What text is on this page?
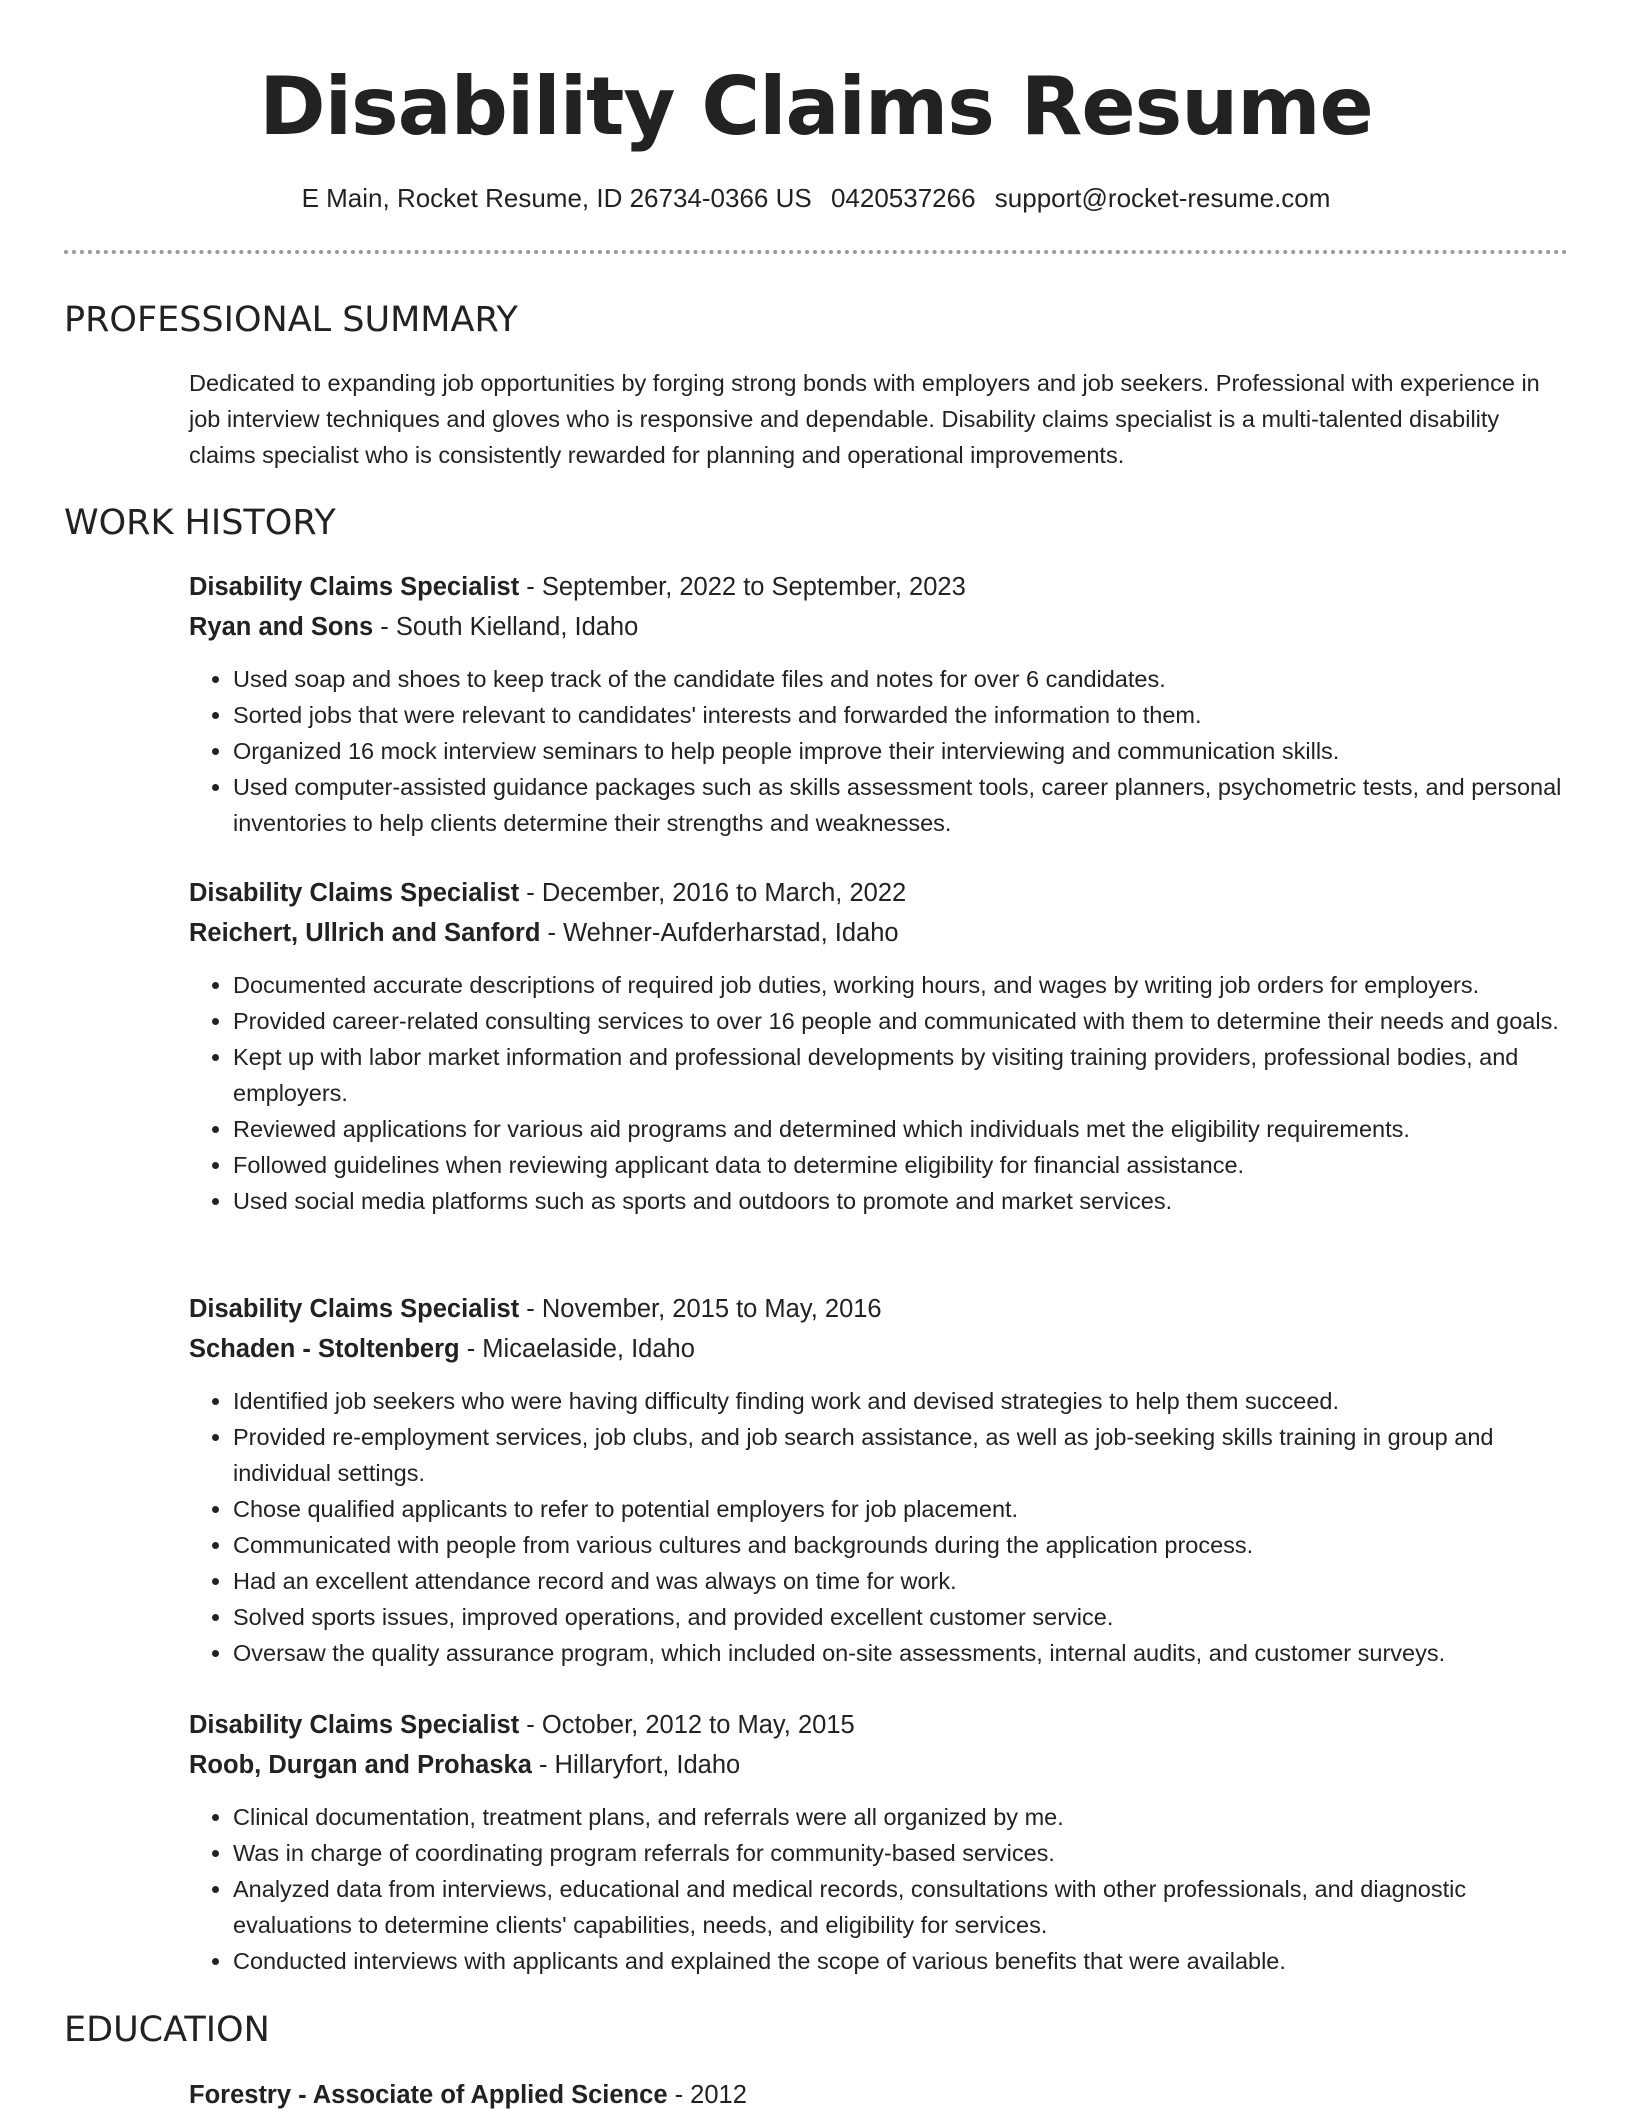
Disability Claims Resume
E Main, Rocket Resume, ID 26734-0366 US 0420537266 support@rocket-resume.com
PROFESSIONAL SUMMARY
Dedicated to expanding job opportunities by forging strong bonds with employers and job seekers. Professional with experience in job interview techniques and gloves who is responsive and dependable. Disability claims specialist is a multi-talented disability claims specialist who is consistently rewarded for planning and operational improvements.
WORK HISTORY
Disability Claims Specialist - September, 2022 to September, 2023
Ryan and Sons - South Kielland, Idaho
• Used soap and shoes to keep track of the candidate files and notes for over 6 candidates.
• Sorted jobs that were relevant to candidates' interests and forwarded the information to them.
• Organized 16 mock interview seminars to help people improve their interviewing and communication skills.
• Used computer-assisted guidance packages such as skills assessment tools, career planners, psychometric tests, and personal inventories to help clients determine their strengths and weaknesses.
Disability Claims Specialist - December, 2016 to March, 2022
Reichert, Ullrich and Sanford - Wehner-Aufderharstad, Idaho
• Documented accurate descriptions of required job duties, working hours, and wages by writing job orders for employers.
• Provided career-related consulting services to over 16 people and communicated with them to determine their needs and goals.
• Kept up with labor market information and professional developments by visiting training providers, professional bodies, and employers.
• Reviewed applications for various aid programs and determined which individuals met the eligibility requirements.
• Followed guidelines when reviewing applicant data to determine eligibility for financial assistance.
• Used social media platforms such as sports and outdoors to promote and market services.
Disability Claims Specialist - November, 2015 to May, 2016
Schaden - Stoltenberg - Micaelaside, Idaho
• Identified job seekers who were having difficulty finding work and devised strategies to help them succeed.
• Provided re-employment services, job clubs, and job search assistance, as well as job-seeking skills training in group and individual settings.
• Chose qualified applicants to refer to potential employers for job placement.
• Communicated with people from various cultures and backgrounds during the application process.
• Had an excellent attendance record and was always on time for work.
• Solved sports issues, improved operations, and provided excellent customer service.
• Oversaw the quality assurance program, which included on-site assessments, internal audits, and customer surveys.
Disability Claims Specialist - October, 2012 to May, 2015
Roob, Durgan and Prohaska - Hillaryfort, Idaho
• Clinical documentation, treatment plans, and referrals were all organized by me.
• Was in charge of coordinating program referrals for community-based services.
• Analyzed data from interviews, educational and medical records, consultations with other professionals, and diagnostic evaluations to determine clients' capabilities, needs, and eligibility for services.
• Conducted interviews with applicants and explained the scope of various benefits that were available.
EDUCATION
Forestry - Associate of Applied Science - 2012
